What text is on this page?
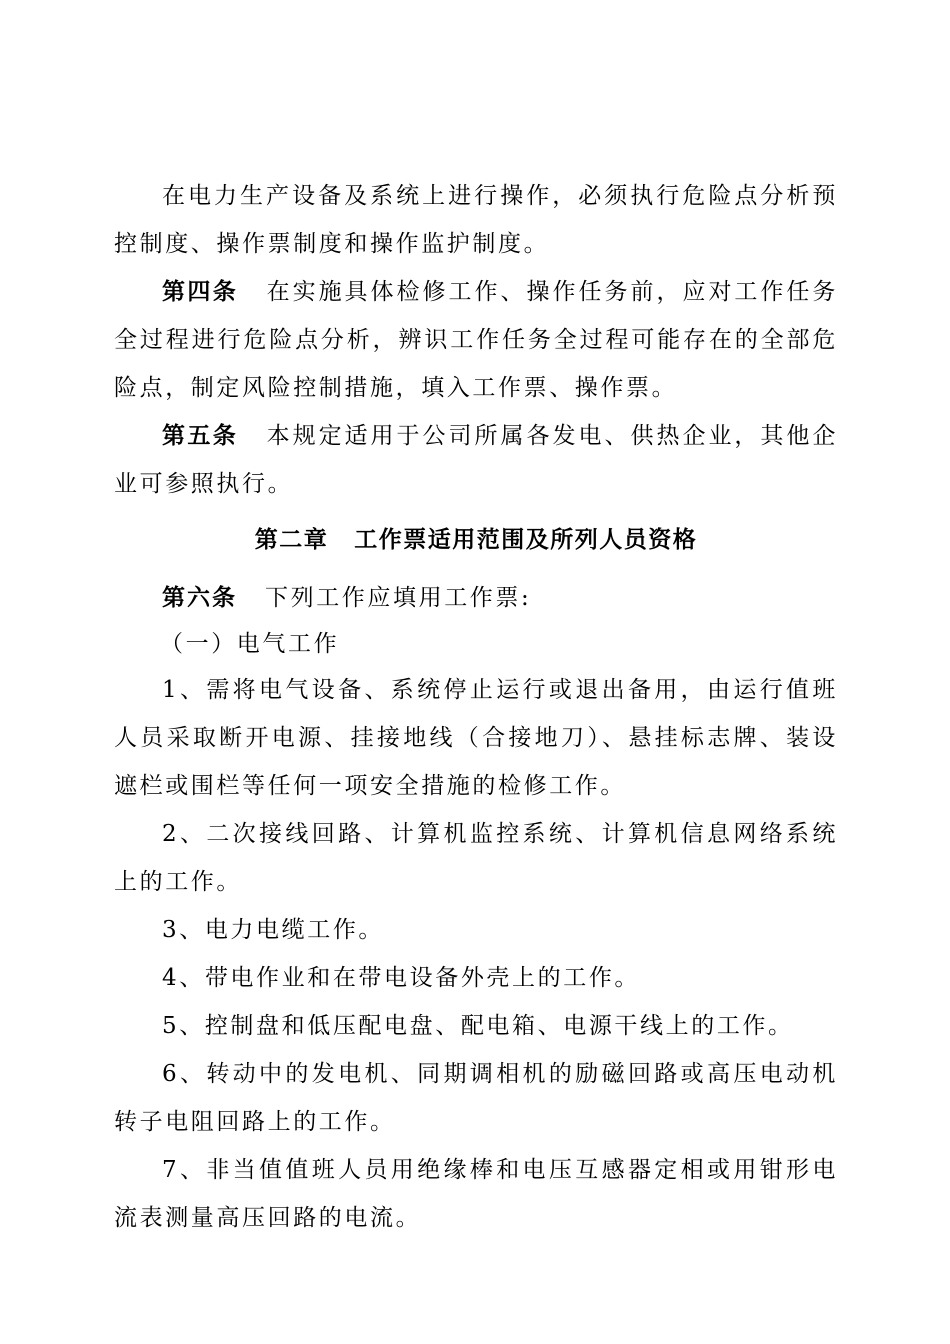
在电力生产设备及系统上进行操作，必须执行危险点分析预控制度、操作票制度和操作监护制度。

第四条 在实施具体检修工作、操作任务前，应对工作任务全过程进行危险点分析，辨识工作任务全过程可能存在的全部危险点，制定风险控制措施，填入工作票、操作票。

第五条 本规定适用于公司所属各发电、供热企业，其他企业可参照执行。

第二章 工作票适用范围及所列人员资格

第六条 下列工作应填用工作票:

（一）电气工作

1、需将电气设备、系统停止运行或退出备用，由运行值班人员采取断开电源、挂接地线（合接地刀）、悬挂标志牌、装设遮栏或围栏等任何一项安全措施的检修工作。

2、二次接线回路、计算机监控系统、计算机信息网络系统上的工作。

3、电力电缆工作。

4、带电作业和在带电设备外壳上的工作。

5、控制盘和低压配电盘、配电箱、电源干线上的工作。

6、转动中的发电机、同期调相机的励磁回路或高压电动机转子电阻回路上的工作。

7、非当值值班人员用绝缘棒和电压互感器定相或用钳形电流表测量高压回路的电流。
